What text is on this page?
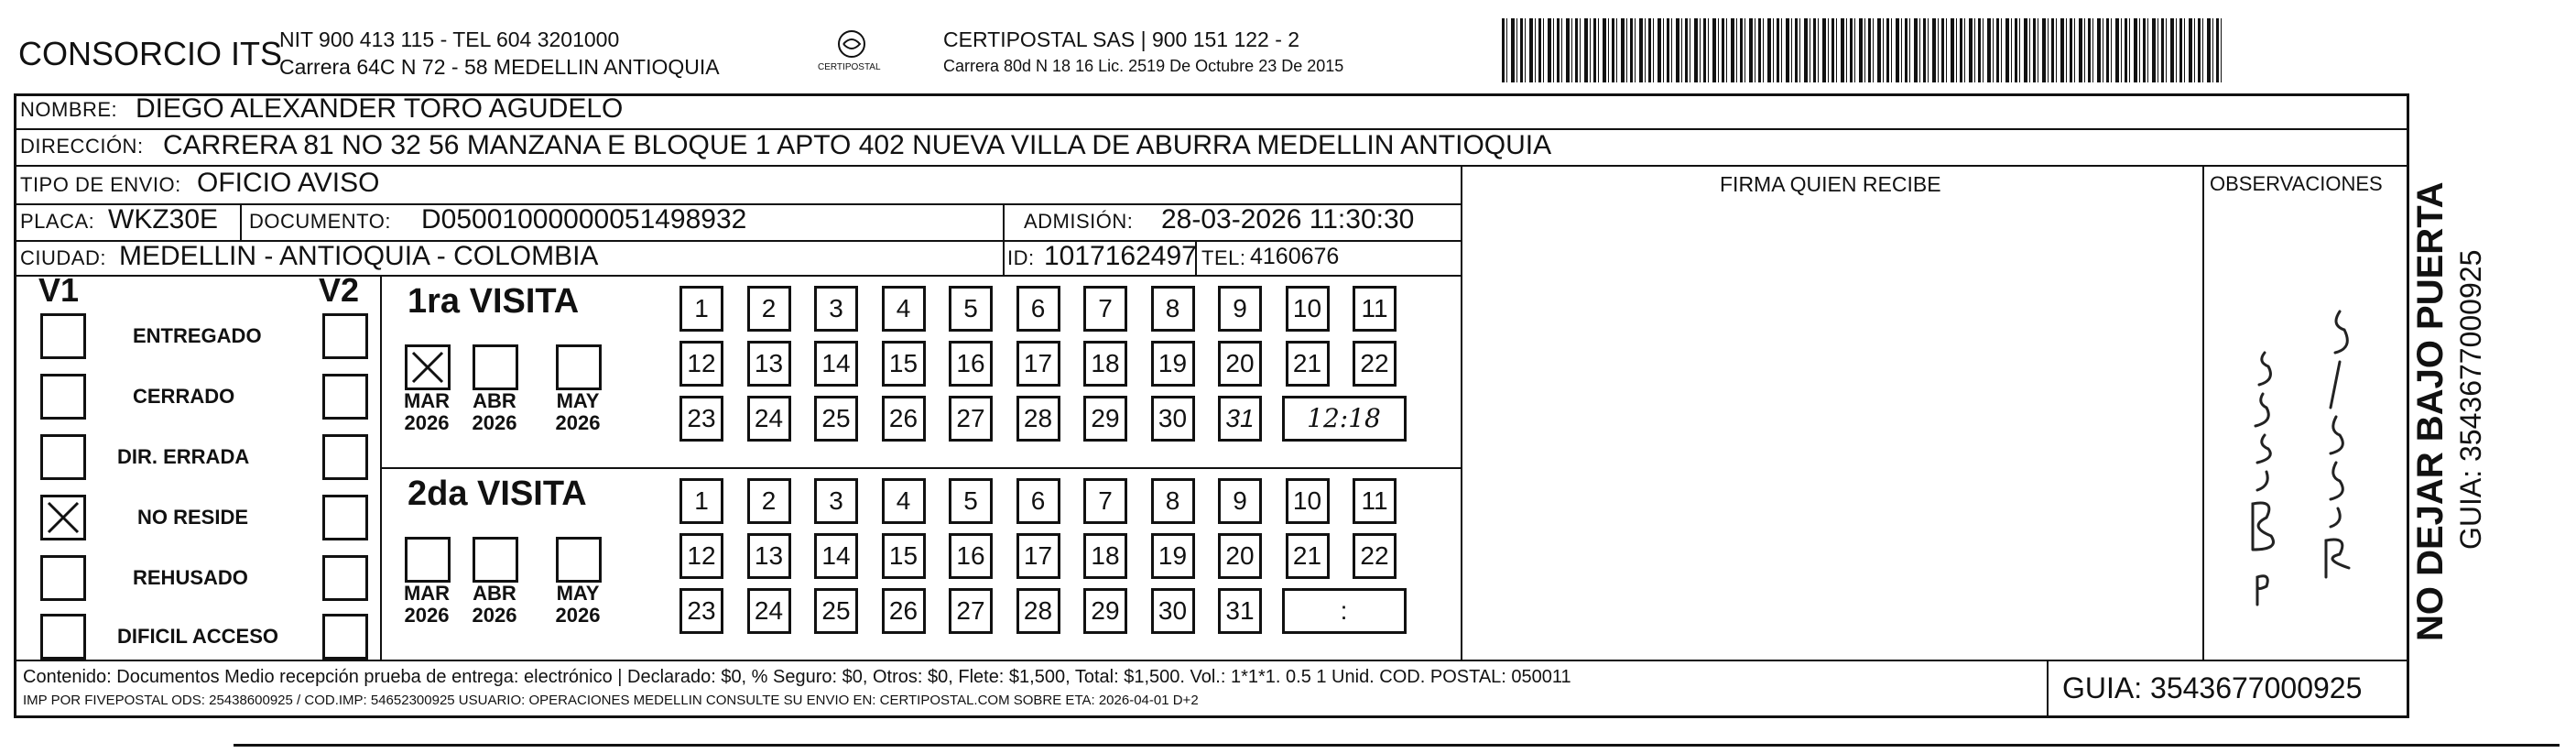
CONSORCIO ITS
NIT 900 413 115 - TEL 604 3201000
Carrera 64C N 72 - 58 MEDELLIN ANTIOQUIA	CERTIPOSTAL
CERTIPOSTAL SAS | 900 151 122 - 2
Carrera 80d N 18 16 Lic. 2519 De Octubre 23 De 2015
NOMBRE: DIEGO ALEXANDER TORO AGUDELO
DIRECCIÓN: CARRERA 81 NO 32 56 MANZANA E BLOQUE 1 APTO 402 NUEVA VILLA DE ABURRA MEDELLIN ANTIOQUIA
TIPO DE ENVIO: OFICIO AVISO	FIRMA QUIEN RECIBE	OBSERVACIONES
PLACA: WKZ30E DOCUMENTO: D05001000000051498932	ADMISIÓN: 28-03-2026 11:30:30
CIUDAD: MEDELLIN - ANTIOQUIA - COLOMBIA	ID: 1017162497 TEL: 4160676
V1	V2
ENTREGADO
CERRADO
DIR. ERRADA
NO RESIDE
REHUSADO
DIFICIL ACCESO
1ra VISITA
MAR
2026
ABR
2026
MAY
2026
1	2	3	4	5	6	7	8	9	10	11
12	13	14	15	16	17	18	19	20	21	22
23	24	25	26	27	28	29	30	31	12:18
2da VISITA
MAR
2026
ABR
2026
MAY
2026
1	2	3	4	5	6	7	8	9	10	11
12	13	14	15	16	17	18	19	20	21	22
23	24	25	26	27	28	29	30	31	:	NO DEJAR BAJO PUERTA GUIA: 3543677000925
Contenido: Documentos Medio recepción prueba de entrega: electrónico | Declarado: $0, % Seguro: $0, Otros: $0, Flete: $1,500, Total: $1,500. Vol.: 1*1*1. 0.5 1 Unid. COD. POSTAL: 050011
IMP POR FIVEPOSTAL ODS: 25438600925 / COD.IMP: 54652300925 USUARIO: OPERACIONES MEDELLIN CONSULTE SU ENVIO EN: CERTIPOSTAL.COM SOBRE ETA: 2026-04-01 D+2	GUIA: 3543677000925
